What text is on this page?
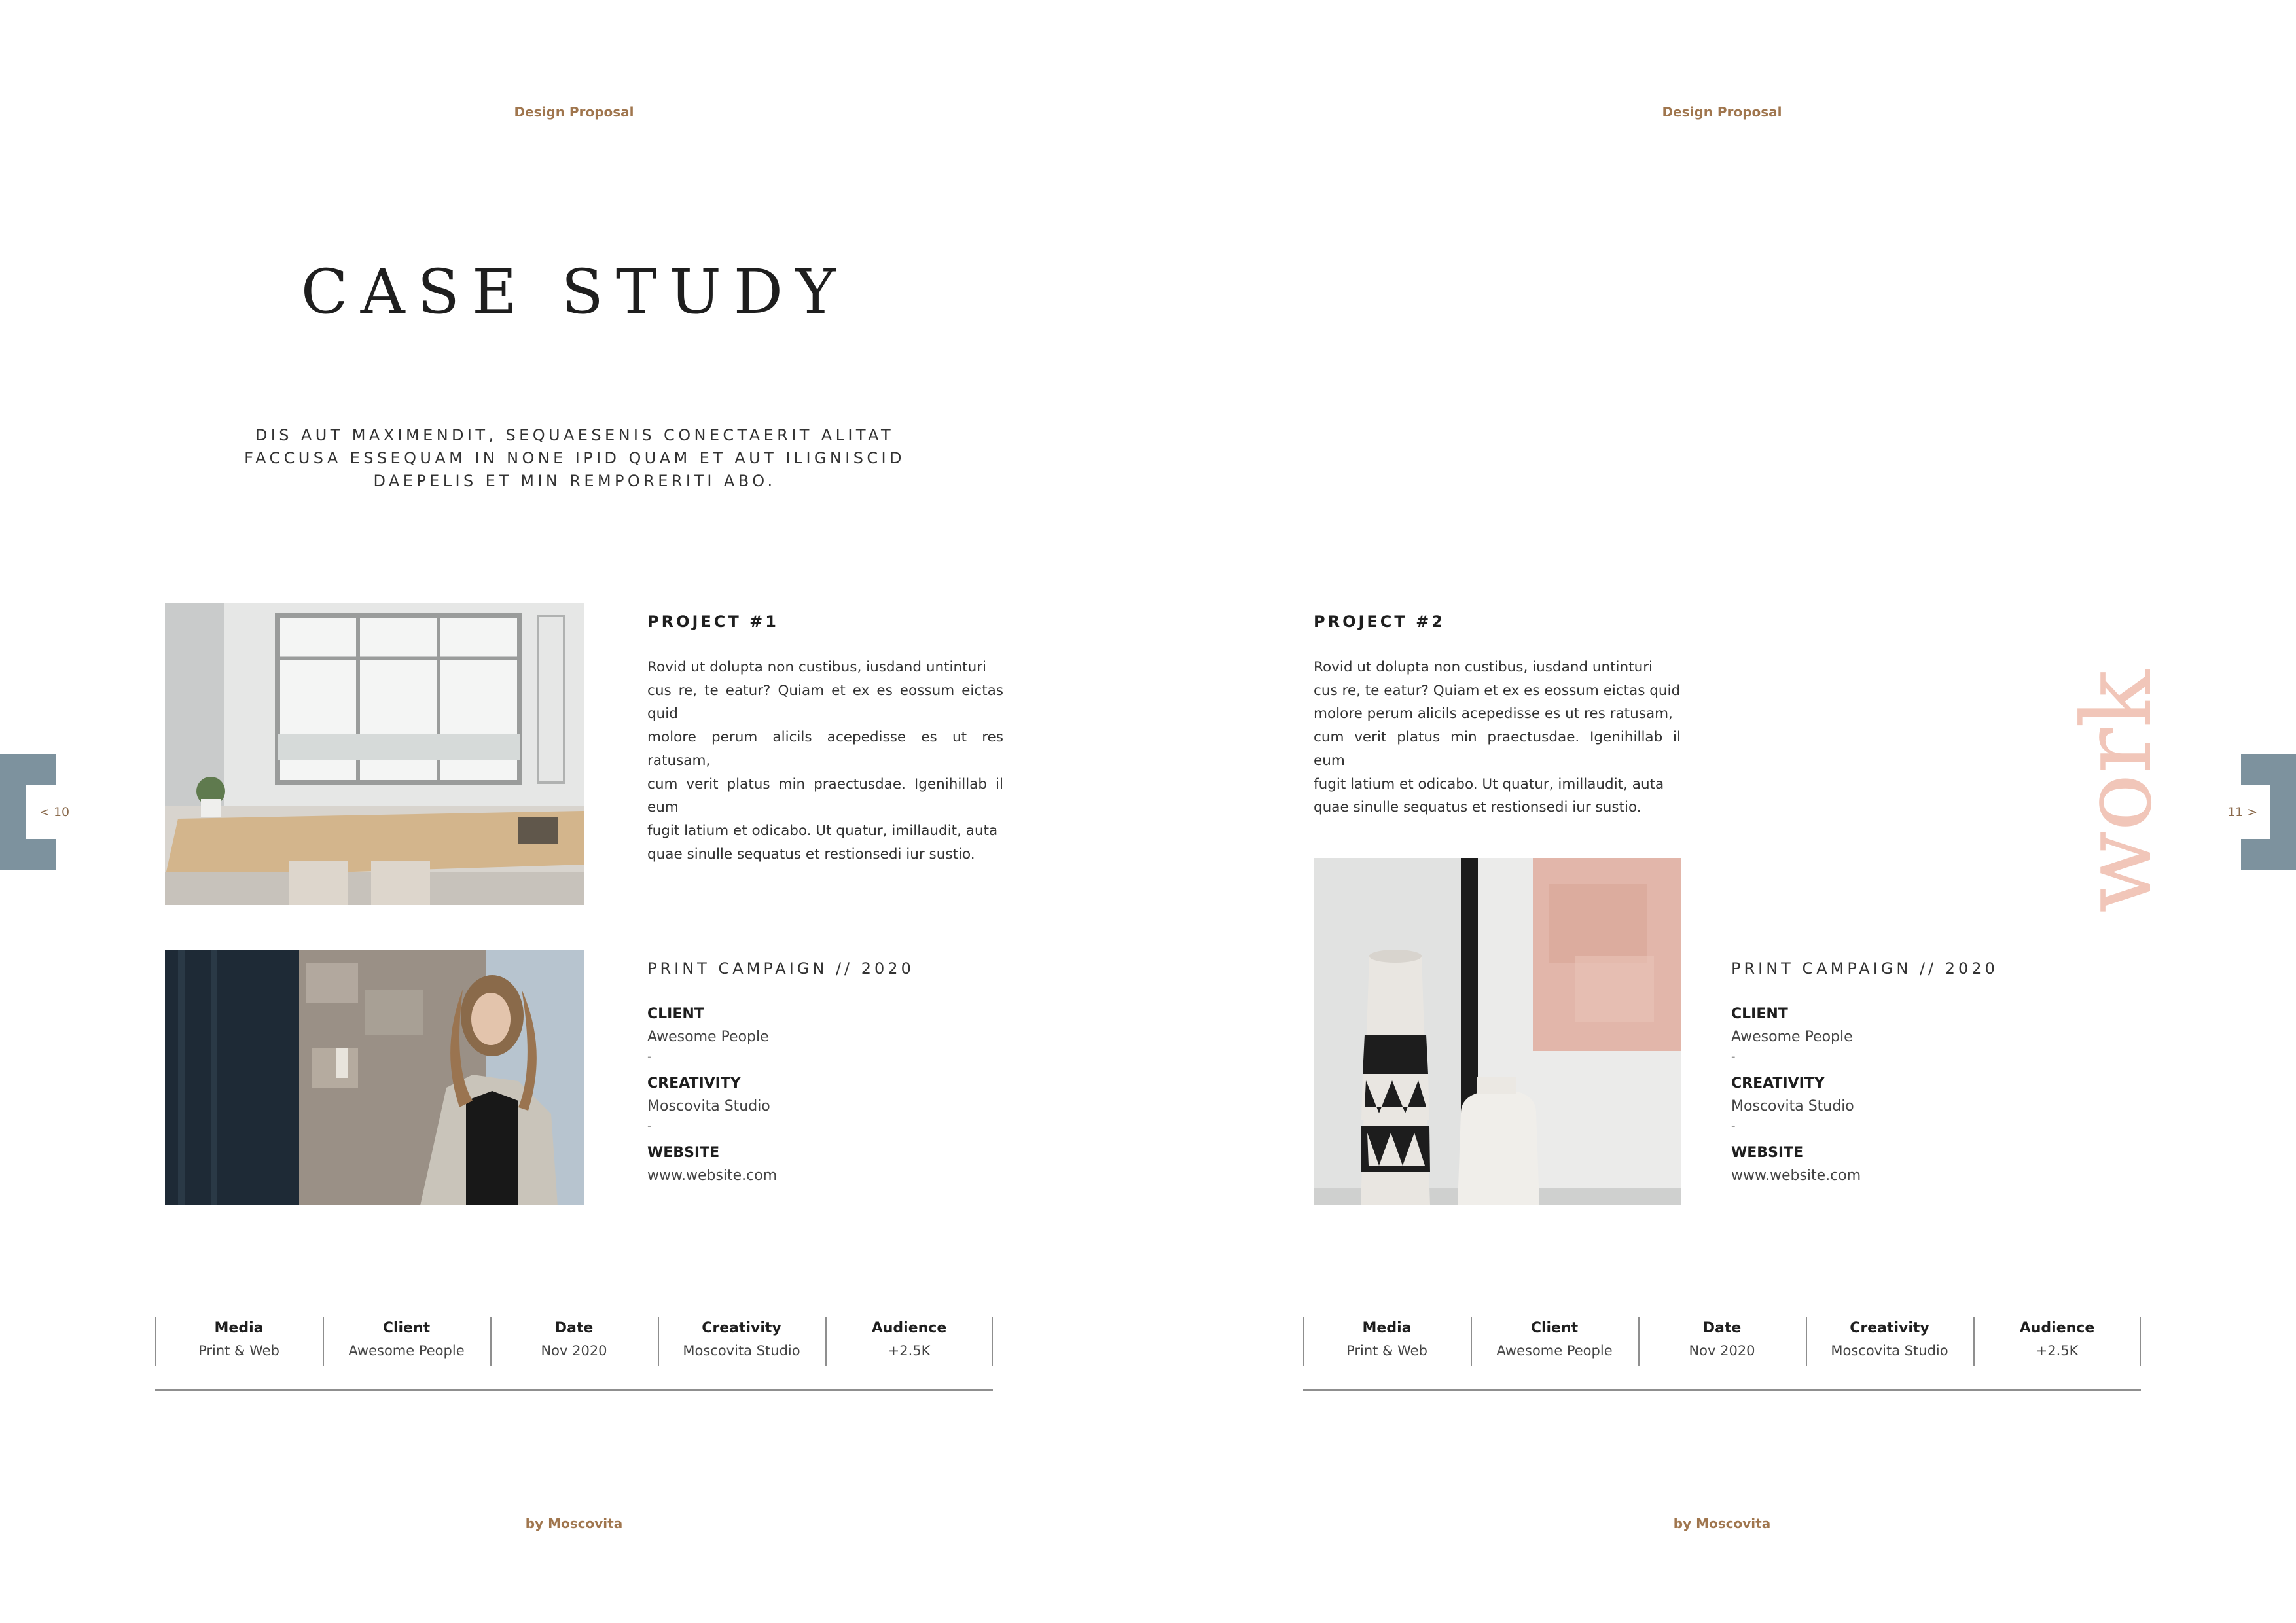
Design Proposal
CASE STUDY
DIS AUT MAXIMENDIT, SEQUAESENIS CONECTAERIT ALITAT
FACCUSA ESSEQUAM IN NONE IPID QUAM ET AUT ILIGNISCID
DAEPELIS ET MIN REMPORERITI ABO.
PROJECT #1
Rovid ut dolupta non custibus, iusdand untinturi
cus re, te eatur? Quiam et ex es eossum eictas quid
molore perum alicils acepedisse es ut res ratusam,
cum verit platus min praectusdae. Igenihillab il eum
fugit latium et odicabo. Ut quatur, imillaudit, auta
quae sinulle sequatus et restionsedi iur sustio.
PRINT CAMPAIGN // 2020
CLIENT
Awesome People
-
CREATIVITY
Moscovita Studio
-
WEBSITE
www.website.com
Media
Print & Web
Client
Awesome People
Date
Nov 2020
Creativity
Moscovita Studio
Audience
+2.5K
by Moscovita
< 10
Design Proposal
PROJECT #2
Rovid ut dolupta non custibus, iusdand untinturi
cus re, te eatur? Quiam et ex es eossum eictas quid
molore perum alicils acepedisse es ut res ratusam,
cum verit platus min praectusdae. Igenihillab il eum
fugit latium et odicabo. Ut quatur, imillaudit, auta
quae sinulle sequatus et restionsedi iur sustio.
PRINT CAMPAIGN // 2020
CLIENT
Awesome People
-
CREATIVITY
Moscovita Studio
-
WEBSITE
www.website.com
Media
Print & Web
Client
Awesome People
Date
Nov 2020
Creativity
Moscovita Studio
Audience
+2.5K
by Moscovita
work	11 >
